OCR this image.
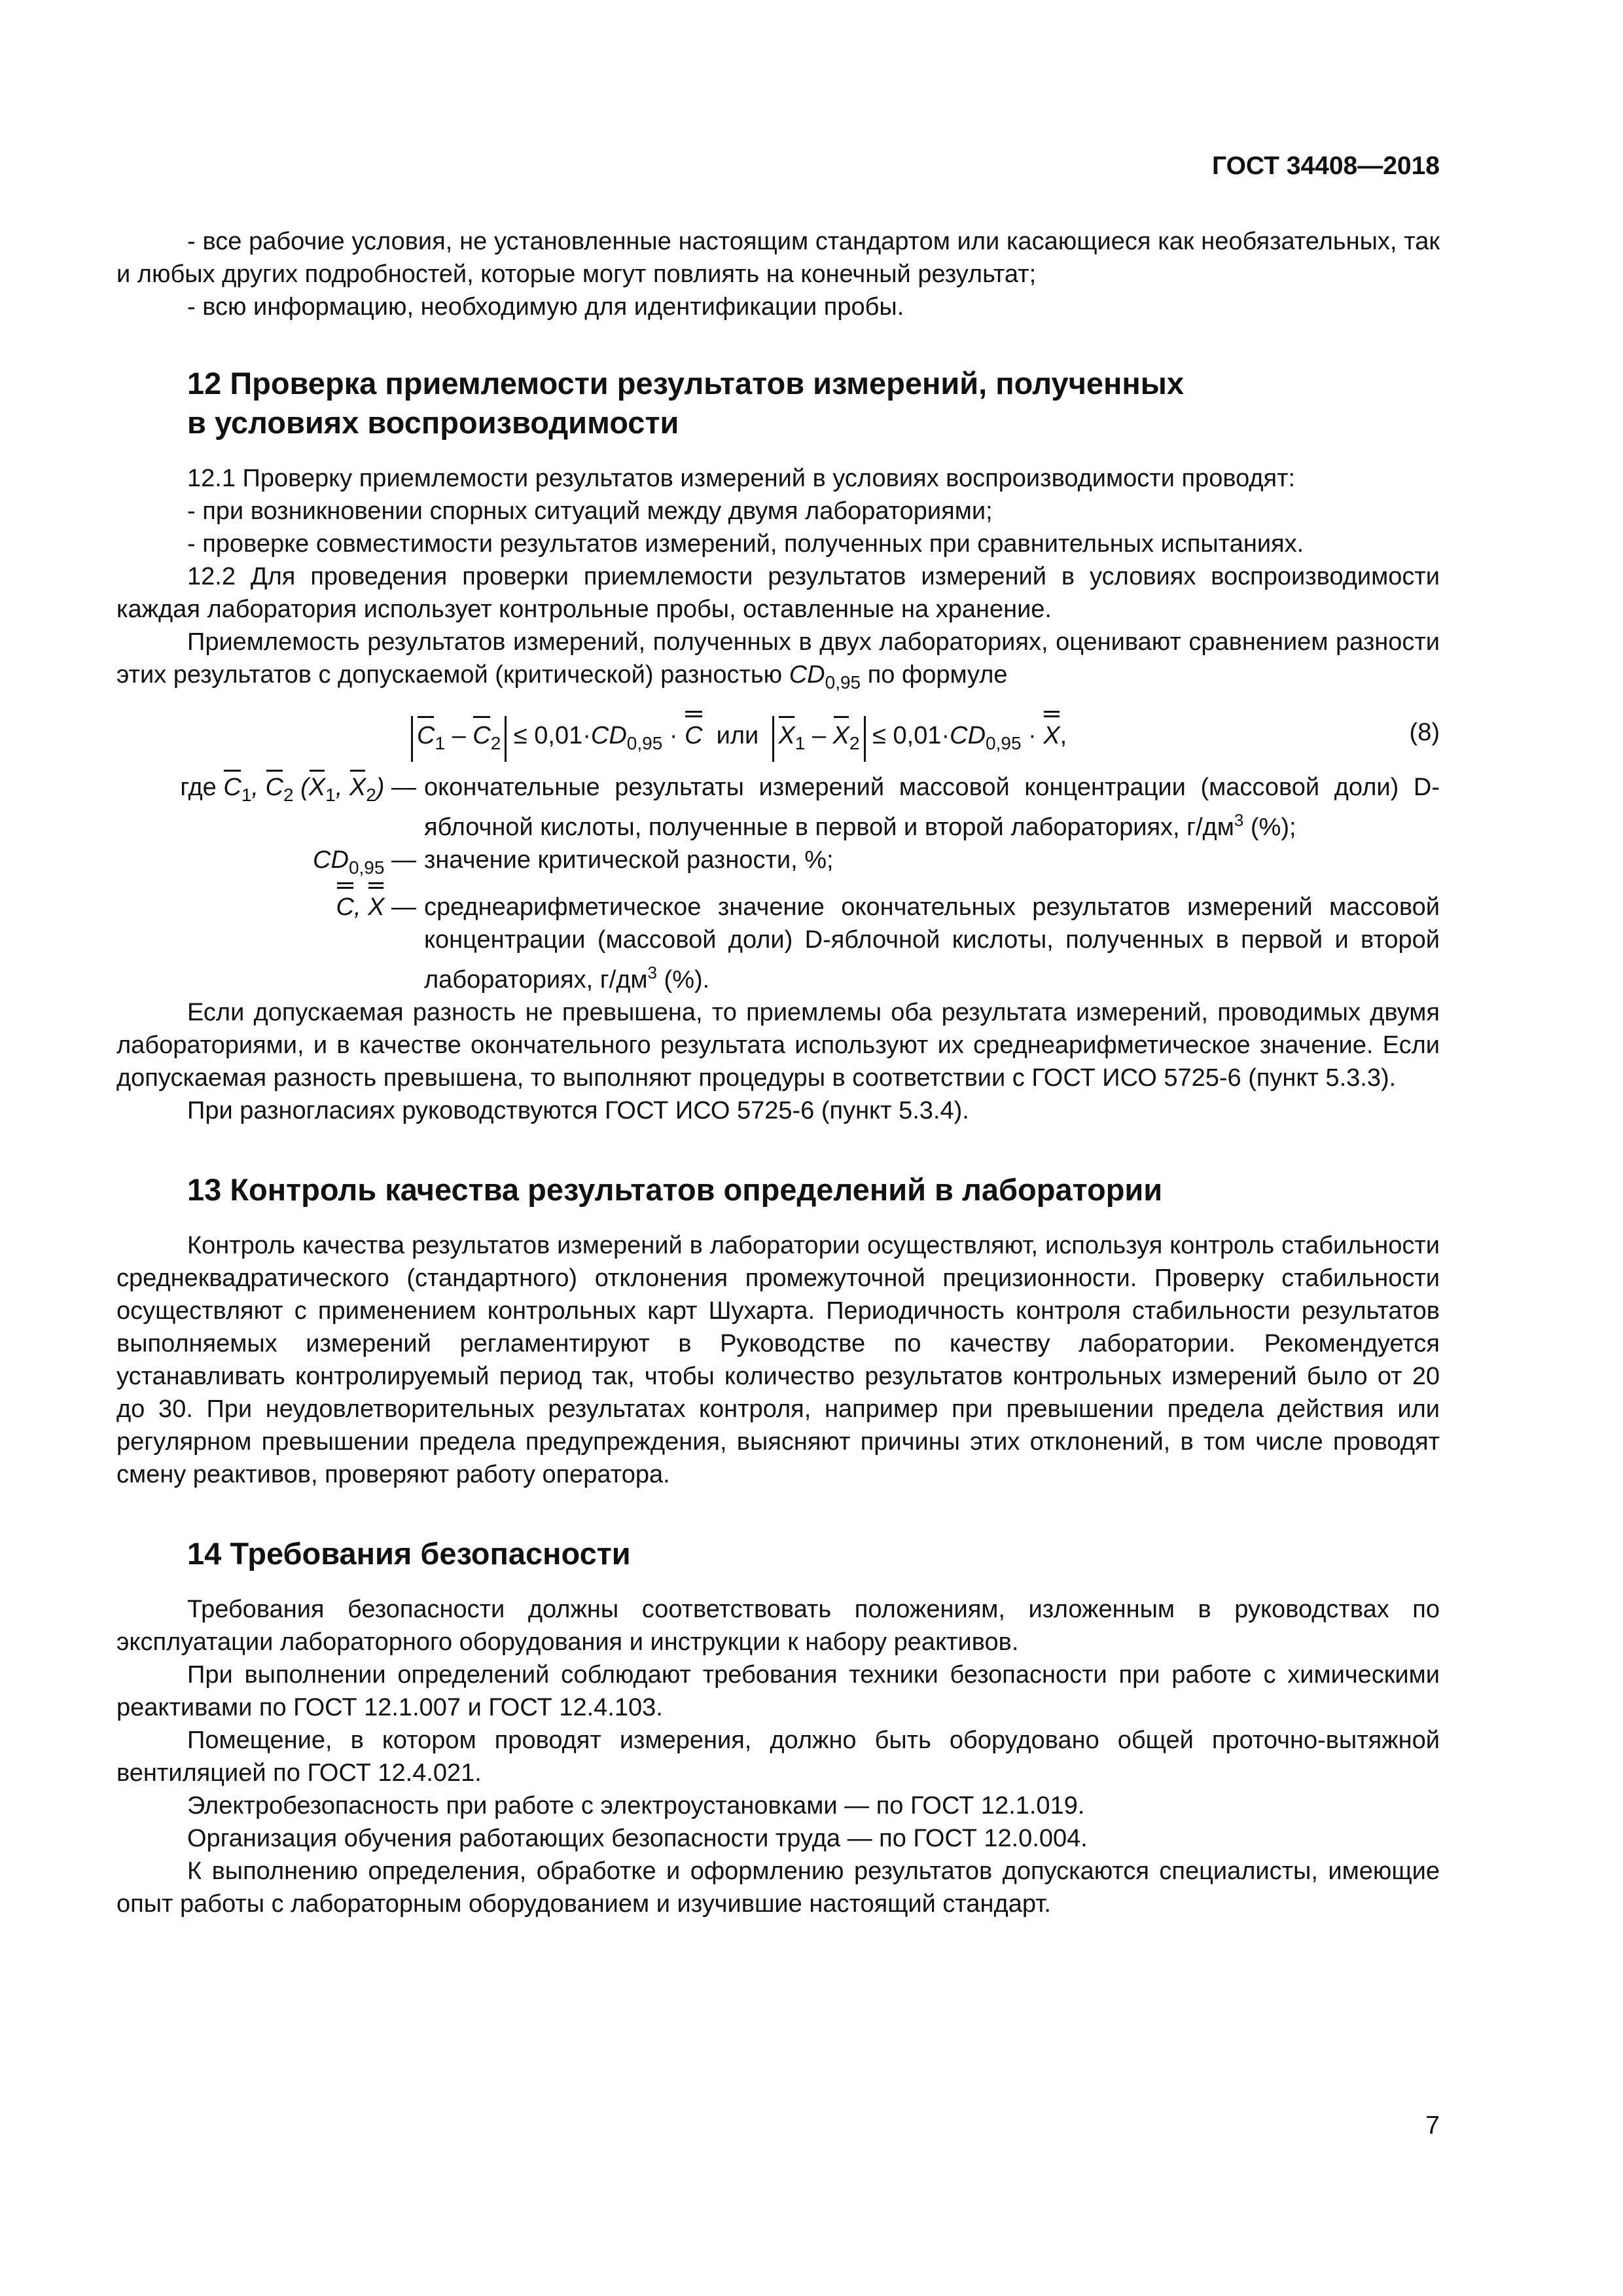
ГОСТ 34408—2018

- все рабочие условия, не установленные настоящим стандартом или касающиеся как необязательных, так и любых других подробностей, которые могут повлиять на конечный результат;

- всю информацию, необходимую для идентификации пробы.

12 Проверка приемлемости результатов измерений, полученных
в условиях воспроизводимости

12.1 Проверку приемлемости результатов измерений в условиях воспроизводимости проводят:

- при возникновении спорных ситуаций между двумя лабораториями;

- проверке совместимости результатов измерений, полученных при сравнительных испытаниях.

12.2 Для проведения проверки приемлемости результатов измерений в условиях воспроизводимости каждая лаборатория использует контрольные пробы, оставленные на хранение.

Приемлемость результатов измерений, полученных в двух лабораториях, оценивают сравнением разности этих результатов с допускаемой (критической) разностью $CD_{0,95}$ по формуле

$C_1 - C_2 \le 0,01\cdot CD_{0,95} \cdot C$ или $X_1 - X_2 \le 0,01\cdot CD_{0,95} \cdot X$,	(8)
где $C_1$, $C_2$ ($X_1$, $X_2$) — окончательные результаты измерений массовой концентрации (массовой доли) D-яблочной кислоты, полученные в первой и второй лабораториях, $г/дм^3$ (%);
$CD_{0,95}$ — значение критической разности, %;
C, X — среднеарифметическое значение окончательных результатов измерений массовой концентрации (массовой доли) D-яблочной кислоты, полученных в первой и второй лабораториях, $г/дм^3$ (%).

Если допускаемая разность не превышена, то приемлемы оба результата измерений, проводимых двумя лабораториями, и в качестве окончательного результата используют их среднеарифметическое значение. Если допускаемая разность превышена, то выполняют процедуры в соответствии с ГОСТ ИСО 5725-6 (пункт 5.3.3).

При разногласиях руководствуются ГОСТ ИСО 5725-6 (пункт 5.3.4).

13 Контроль качества результатов определений в лаборатории

Контроль качества результатов измерений в лаборатории осуществляют, используя контроль стабильности среднеквадратического (стандартного) отклонения промежуточной прецизионности. Проверку стабильности осуществляют с применением контрольных карт Шухарта. Периодичность контроля стабильности результатов выполняемых измерений регламентируют в Руководстве по качеству лаборатории. Рекомендуется устанавливать контролируемый период так, чтобы количество результатов контрольных измерений было от 20 до 30. При неудовлетворительных результатах контроля, например при превышении предела действия или регулярном превышении предела предупреждения, выясняют причины этих отклонений, в том числе проводят смену реактивов, проверяют работу оператора.

14 Требования безопасности

Требования безопасности должны соответствовать положениям, изложенным в руководствах по эксплуатации лабораторного оборудования и инструкции к набору реактивов.

При выполнении определений соблюдают требования техники безопасности при работе с химическими реактивами по ГОСТ 12.1.007 и ГОСТ 12.4.103.

Помещение, в котором проводят измерения, должно быть оборудовано общей проточно-вытяжной вентиляцией по ГОСТ 12.4.021.

Электробезопасность при работе с электроустановками — по ГОСТ 12.1.019.

Организация обучения работающих безопасности труда — по ГОСТ 12.0.004.

К выполнению определения, обработке и оформлению результатов допускаются специалисты, имеющие опыт работы с лабораторным оборудованием и изучившие настоящий стандарт.

7
